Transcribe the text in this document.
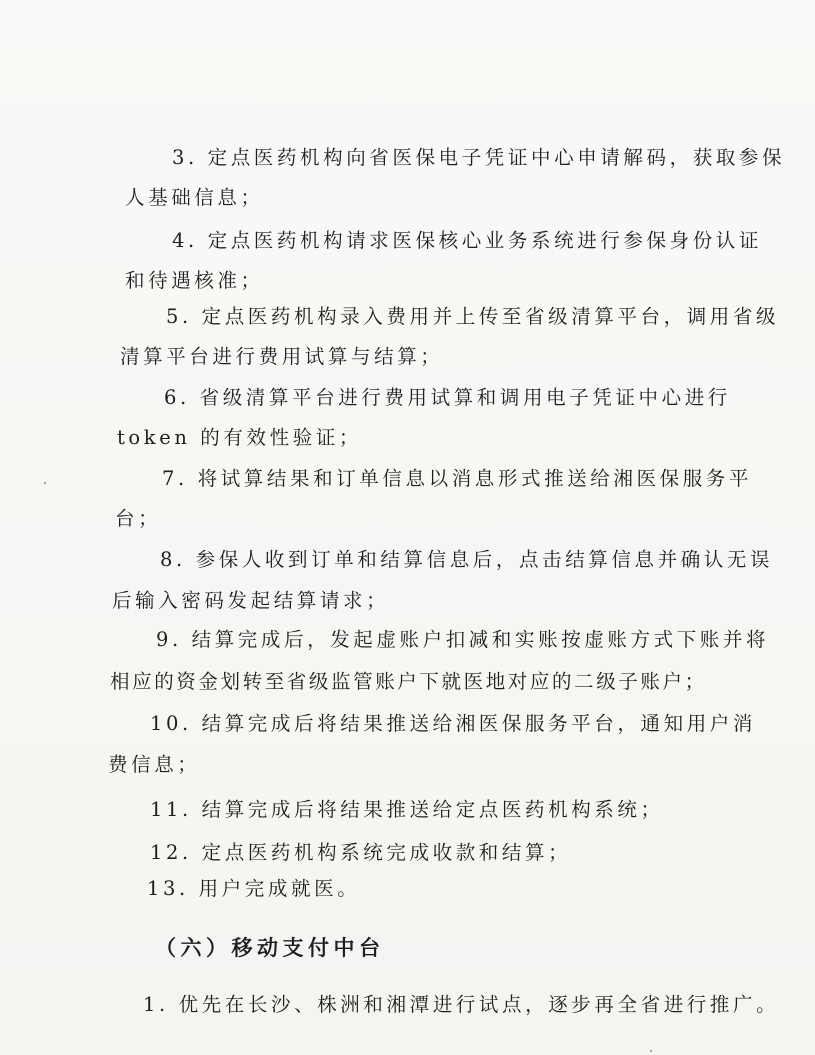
3. 定点医药机构向省医保电子凭证中心申请解码，获取参保
人基础信息；
4. 定点医药机构请求医保核心业务系统进行参保身份认证
和待遇核准；
5. 定点医药机构录入费用并上传至省级清算平台，调用省级
清算平台进行费用试算与结算；
6. 省级清算平台进行费用试算和调用电子凭证中心进行
token 的有效性验证；
7. 将试算结果和订单信息以消息形式推送给湘医保服务平
台；
8. 参保人收到订单和结算信息后，点击结算信息并确认无误
后输入密码发起结算请求；
9. 结算完成后，发起虚账户扣减和实账按虚账方式下账并将
相应的资金划转至省级监管账户下就医地对应的二级子账户；
10. 结算完成后将结果推送给湘医保服务平台，通知用户消
费信息；
11. 结算完成后将结果推送给定点医药机构系统；
12. 定点医药机构系统完成收款和结算；
13. 用户完成就医。
（六）移动支付中台
1. 优先在长沙、株洲和湘潭进行试点，逐步再全省进行推广。
